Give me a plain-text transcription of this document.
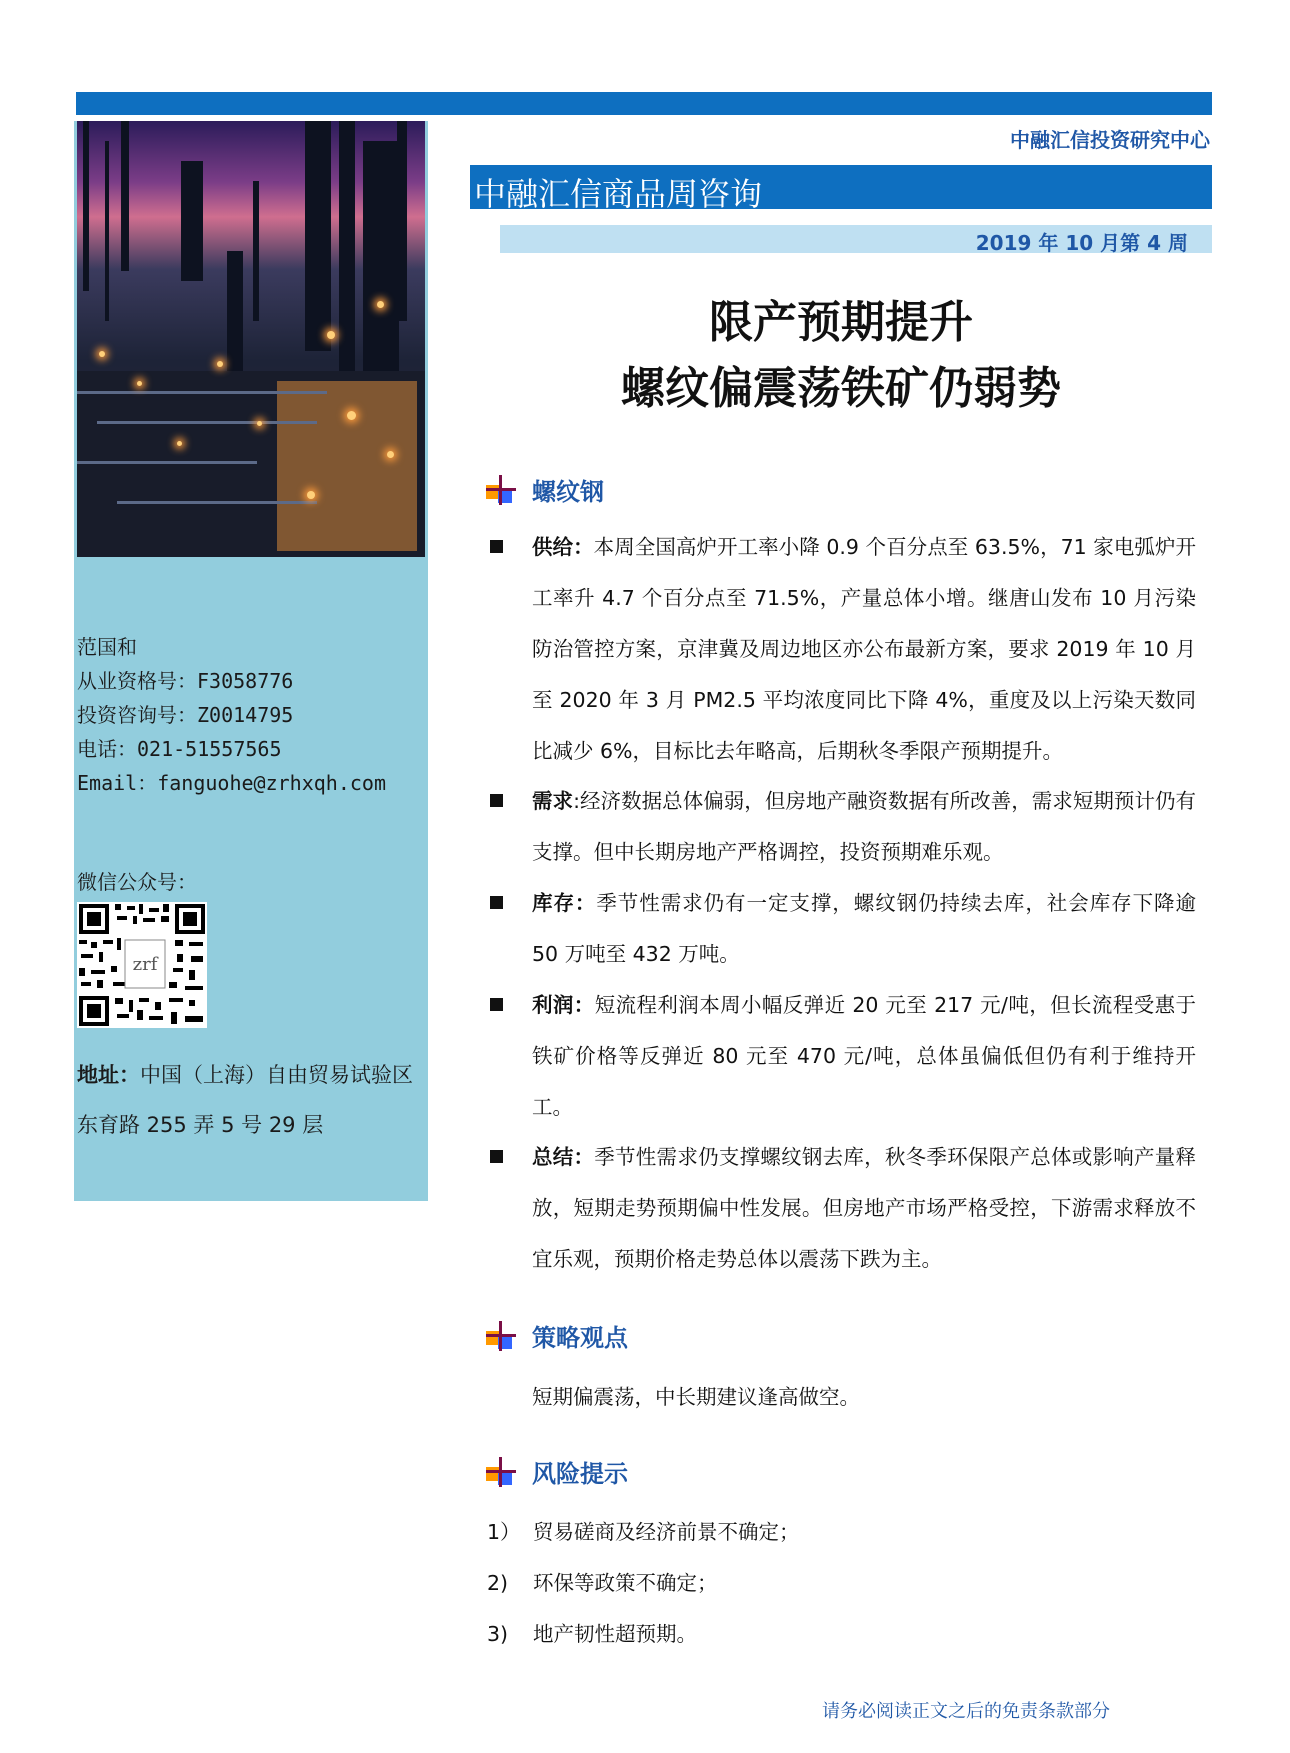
中融汇信投资研究中心
范国和
从业资格号：F3058776
投资咨询号：Z0014795
电话：021-51557565
Email：fanguohe@zrhxqh.com
微信公众号：
zrf
地址：中国（上海）自由贸易试验区东育路 255 弄 5 号 29 层
中融汇信商品周咨询
2019 年 10 月第 4 周
限产预期提升
螺纹偏震荡铁矿仍弱势
螺纹钢
供给：本周全国高炉开工率小降 0.9 个百分点至 63.5%，71 家电弧炉开工率升 4.7 个百分点至 71.5%，产量总体小增。继唐山发布 10 月污染防治管控方案，京津冀及周边地区亦公布最新方案，要求 2019 年 10 月至 2020 年 3 月 PM2.5 平均浓度同比下降 4%，重度及以上污染天数同比减少 6%，目标比去年略高，后期秋冬季限产预期提升。
需求:经济数据总体偏弱，但房地产融资数据有所改善，需求短期预计仍有支撑。但中长期房地产严格调控，投资预期难乐观。
库存：季节性需求仍有一定支撑，螺纹钢仍持续去库，社会库存下降逾 50 万吨至 432 万吨。
利润：短流程利润本周小幅反弹近 20 元至 217 元/吨，但长流程受惠于铁矿价格等反弹近 80 元至 470 元/吨，总体虽偏低但仍有利于维持开工。
总结：季节性需求仍支撑螺纹钢去库，秋冬季环保限产总体或影响产量释放，短期走势预期偏中性发展。但房地产市场严格受控，下游需求释放不宜乐观，预期价格走势总体以震荡下跌为主。
策略观点
短期偏震荡，中长期建议逢高做空。
风险提示
1） 贸易磋商及经济前景不确定；
2) 环保等政策不确定；
3) 地产韧性超预期。
请务必阅读正文之后的免责条款部分
